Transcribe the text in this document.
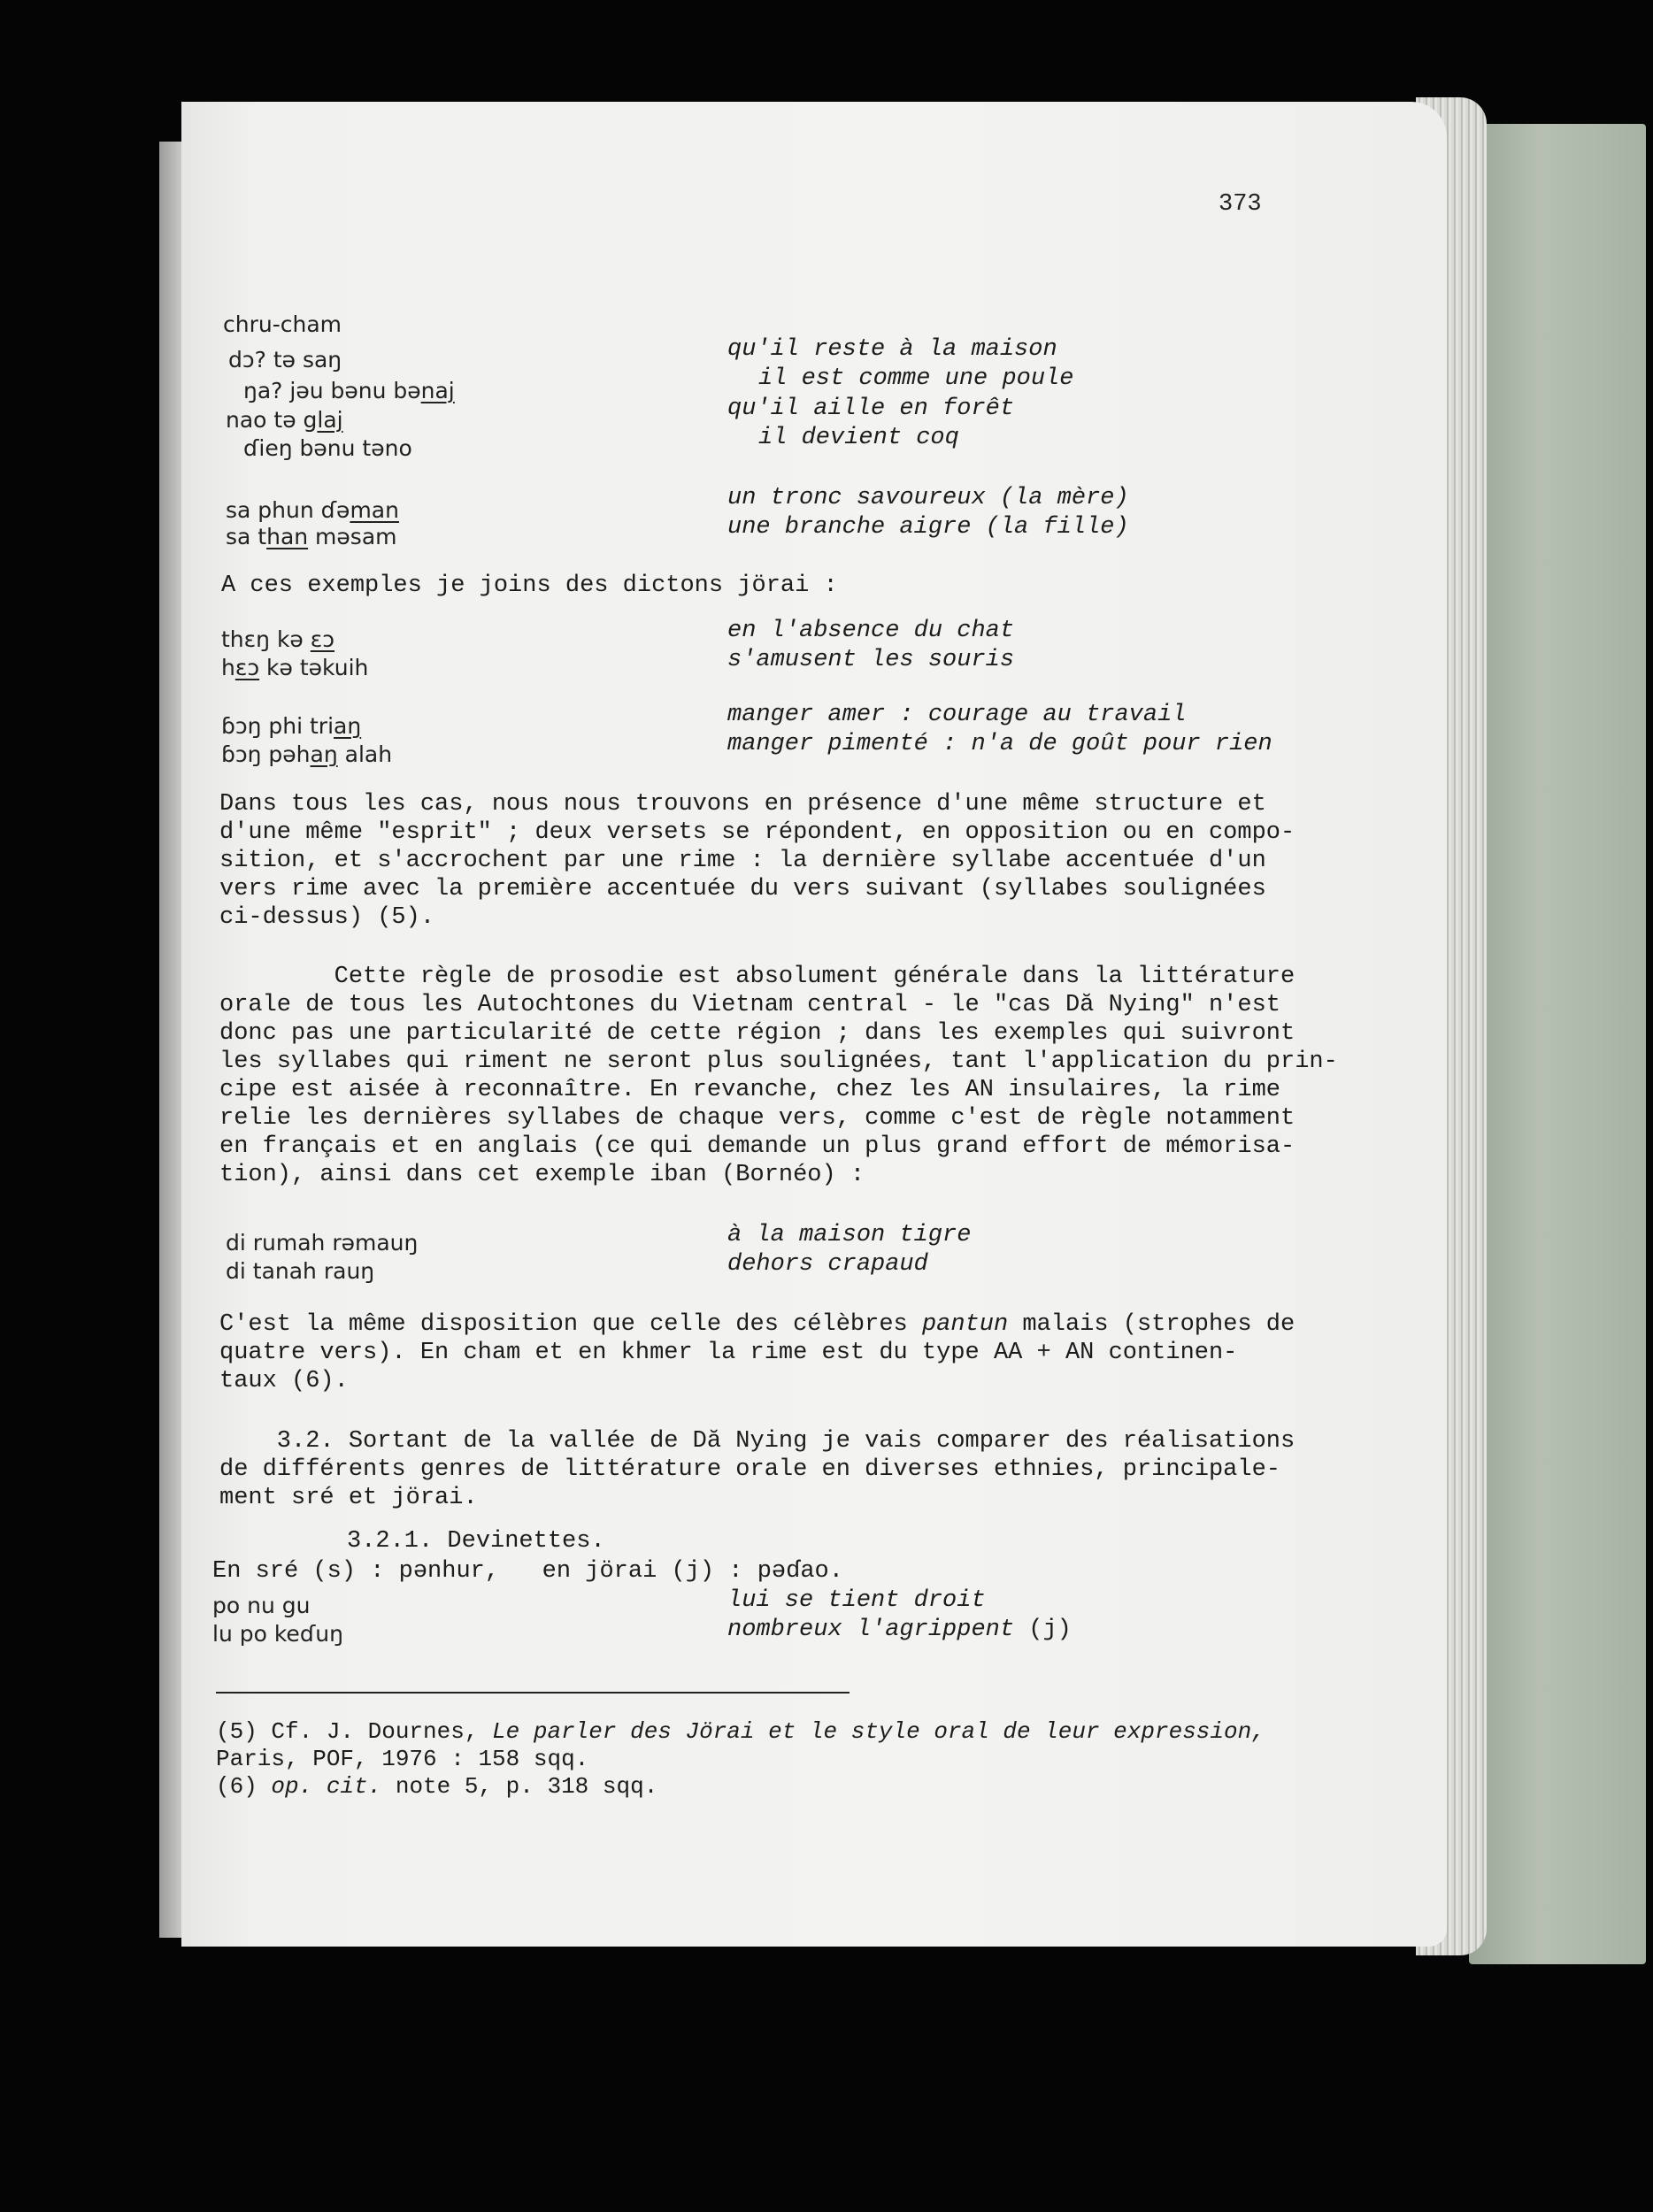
373
chru-cham
dɔ? tə saŋ
ŋa? jəu bənu bənaj
nao tə glaj
ɗieŋ bənu təno
qu'il reste à la maison
il est comme une poule
qu'il aille en forêt
il devient coq
sa phun ɗəman
sa than məsam
un tronc savoureux (la mère)
une branche aigre (la fille)
A ces exemples je joins des dictons jörai :
thɛŋ kə ɛɔ
hɛɔ kə təkuih
en l'absence du chat
s'amusent les souris
ɓɔŋ phi triaŋ
ɓɔŋ pəhaŋ alah
manger amer : courage au travail
manger pimenté : n'a de goût pour rien
Dans tous les cas, nous nous trouvons en présence d'une même structure et
d'une même "esprit" ; deux versets se répondent, en opposition ou en compo-
sition, et s'accrochent par une rime : la dernière syllabe accentuée d'un
vers rime avec la première accentuée du vers suivant (syllabes soulignées
ci-dessus) (5).
Cette règle de prosodie est absolument générale dans la littérature
orale de tous les Autochtones du Vietnam central - le "cas Dă Nying" n'est
donc pas une particularité de cette région ; dans les exemples qui suivront
les syllabes qui riment ne seront plus soulignées, tant l'application du prin-
cipe est aisée à reconnaître. En revanche, chez les AN insulaires, la rime
relie les dernières syllabes de chaque vers, comme c'est de règle notamment
en français et en anglais (ce qui demande un plus grand effort de mémorisa-
tion), ainsi dans cet exemple iban (Bornéo) :
di rumah rəmauŋ
di tanah rauŋ
à la maison tigre
dehors crapaud
C'est la même disposition que celle des célèbres pantun malais (strophes de
quatre vers). En cham et en khmer la rime est du type AA + AN continen-
taux (6).
3.2. Sortant de la vallée de Dă Nying je vais comparer des réalisations
de différents genres de littérature orale en diverses ethnies, principale-
ment sré et jörai.
3.2.1. Devinettes.
En sré (s) : pənhur,   en jörai (j) : pəɗao.
po nu gu
lu po keɗuŋ
lui se tient droit
nombreux l'agrippent (j)
(5) Cf. J. Dournes, Le parler des Jörai et le style oral de leur expression,
Paris, POF, 1976 : 158 sqq.
(6) op. cit. note 5, p. 318 sqq.
